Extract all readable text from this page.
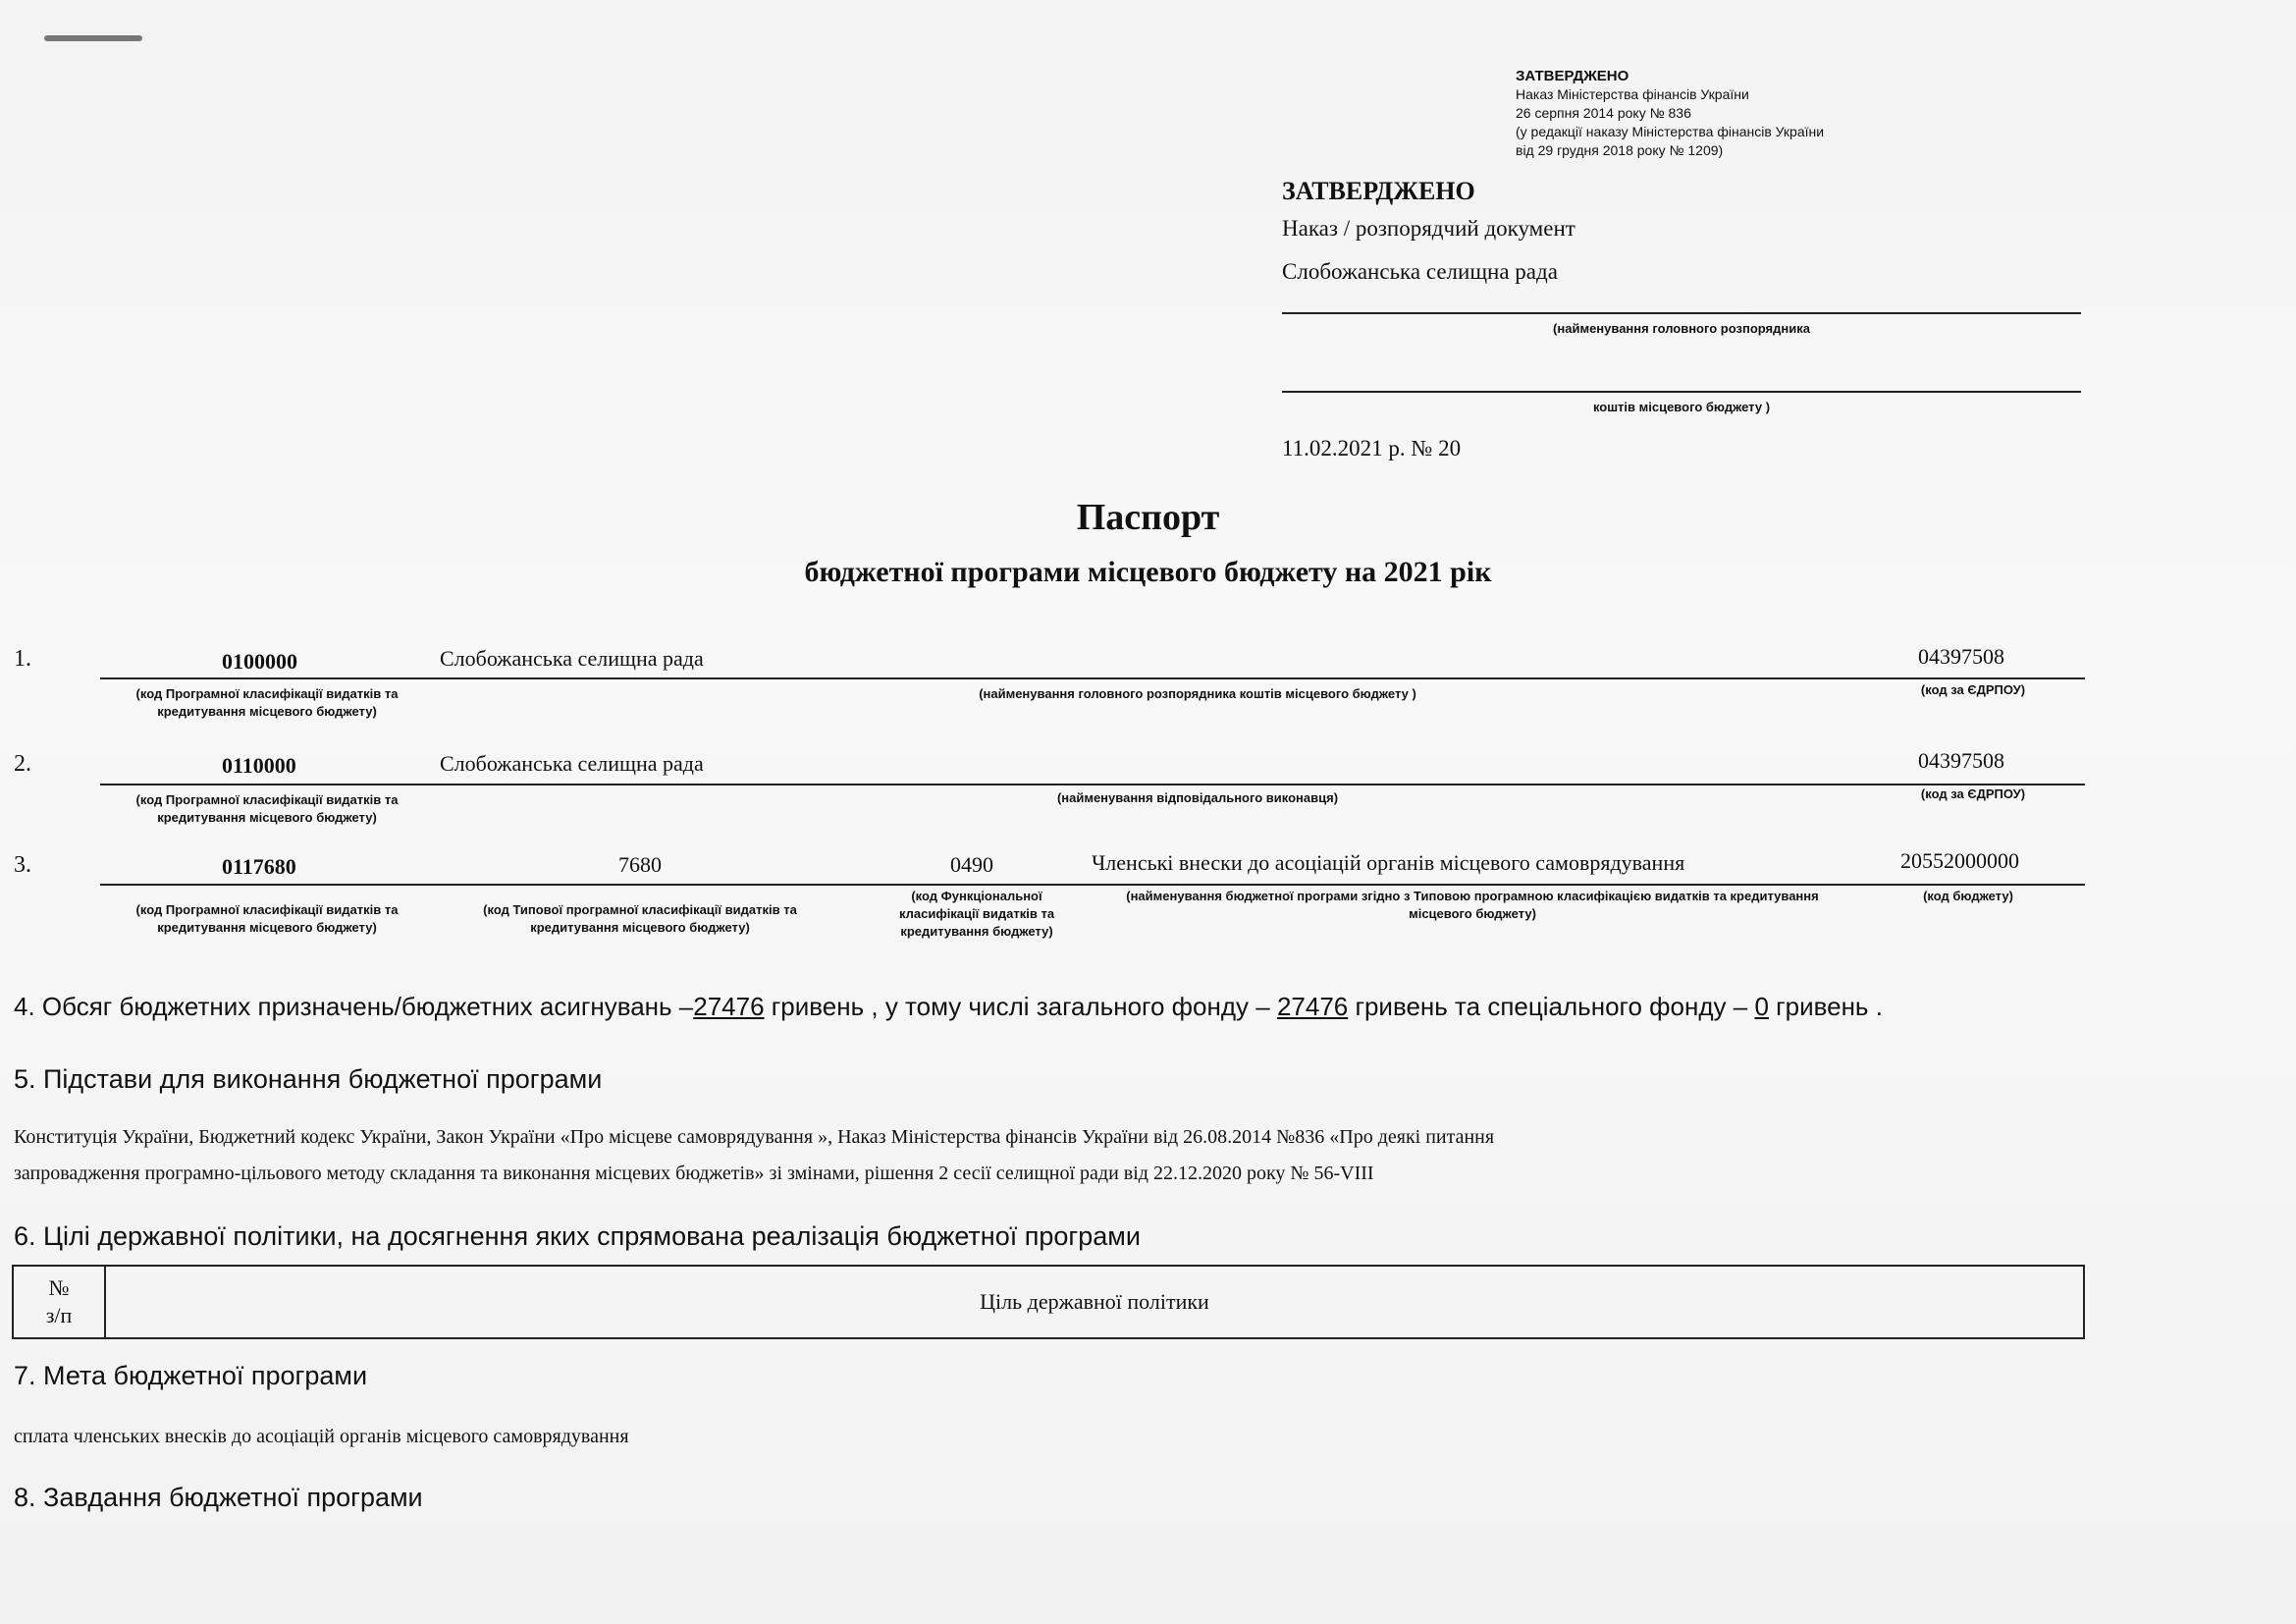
ЗАТВЕРДЖЕНО
Наказ Міністерства фінансів України
26 серпня 2014 року № 836
(у редакції наказу Міністерства фінансів України
від 29 грудня 2018 року № 1209)
ЗАТВЕРДЖЕНО
Наказ / розпорядчий документ
Слобожанська селищна рада
(найменування головного розпорядника
коштів місцевого бюджету )
11.02.2021 р. № 20
Паспорт
бюджетної програми місцевого бюджету на 2021 рік
1.	0100000	Слобожанська селищна рада	04397508
(код Програмної класифікації видатків та кредитування місцевого бюджету)
(найменування головного розпорядника коштів місцевого бюджету )	(код за ЄДРПОУ)
2.	0110000	Слобожанська селищна рада	04397508
(код Програмної класифікації видатків та кредитування місцевого бюджету)
(найменування відповідального виконавця)	(код за ЄДРПОУ)
3.	0117680	7680	0490	Членські внески до асоціацій органів місцевого самоврядування	20552000000
(код Програмної класифікації видатків та кредитування місцевого бюджету)
(код Типової програмної класифікації видатків та кредитування місцевого бюджету)
(код Функціональної класифікації видатків та кредитування бюджету)
(найменування бюджетної програми згідно з Типовою програмною класифікацією видатків та кредитування місцевого бюджету)
(код бюджету)
4. Обсяг бюджетних призначень/бюджетних асигнувань –27476 гривень , у тому числі загального фонду – 27476 гривень та спеціального фонду – 0 гривень .
5. Підстави для виконання бюджетної програми
Конституція України, Бюджетний кодекс України, Закон України «Про місцеве самоврядування », Наказ Міністерства фінансів України від 26.08.2014 №836 «Про деякі питання
запровадження програмно-цільового методу складання та виконання місцевих бюджетів» зі змінами, рішення 2 сесії селищної ради від 22.12.2020 року № 56-VIII
6. Цілі державної політики, на досягнення яких спрямована реалізація бюджетної програми
№
з/п
	Ціль державної політики
7. Мета бюджетної програми
сплата членських внесків до асоціацій органів місцевого самоврядування
8. Завдання бюджетної програми
